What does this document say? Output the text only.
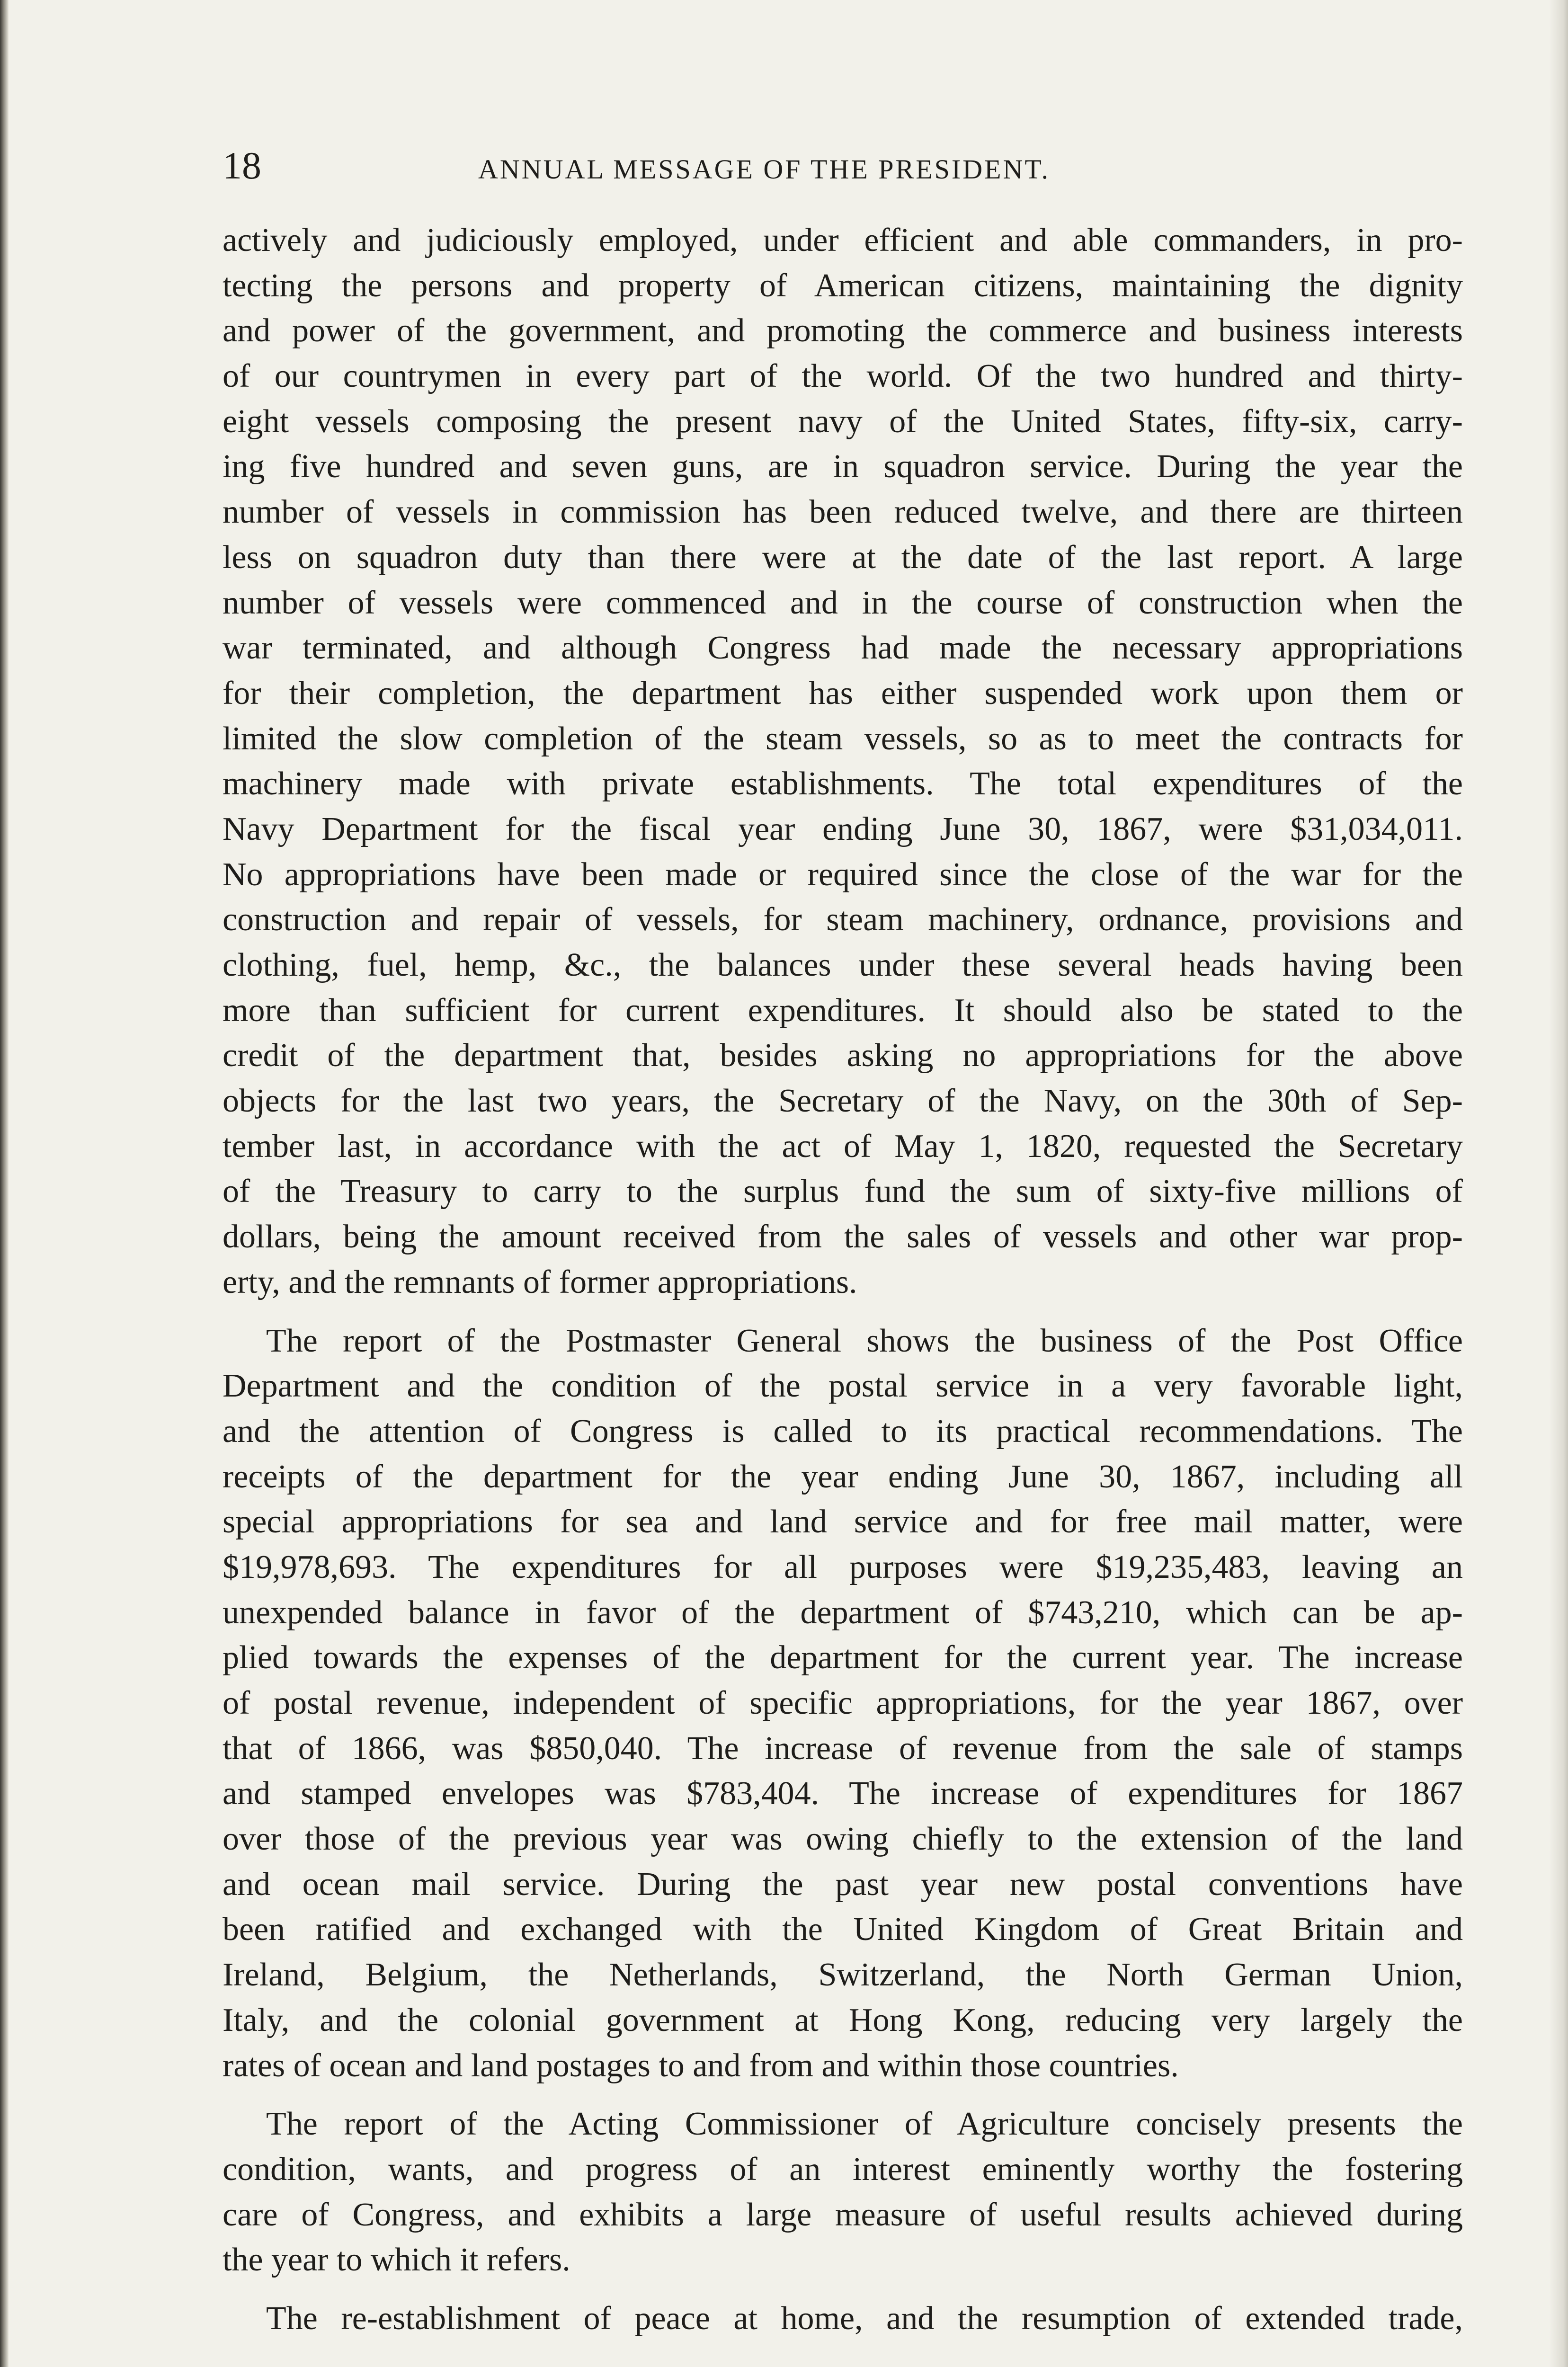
18	ANNUAL MESSAGE OF THE PRESIDENT.
actively and judiciously employed, under efficient and able commanders, in pro-
tecting the persons and property of American citizens, maintaining the dignity
and power of the government, and promoting the commerce and business interests
of our countrymen in every part of the world. Of the two hundred and thirty-
eight vessels composing the present navy of the United States, fifty-six, carry-
ing five hundred and seven guns, are in squadron service. During the year the
number of vessels in commission has been reduced twelve, and there are thirteen
less on squadron duty than there were at the date of the last report. A large
number of vessels were commenced and in the course of construction when the
war terminated, and although Congress had made the necessary appropriations
for their completion, the department has either suspended work upon them or
limited the slow completion of the steam vessels, so as to meet the contracts for
machinery made with private establishments. The total expenditures of the
Navy Department for the fiscal year ending June 30, 1867, were $31,034,011.
No appropriations have been made or required since the close of the war for the
construction and repair of vessels, for steam machinery, ordnance, provisions and
clothing, fuel, hemp, &c., the balances under these several heads having been
more than sufficient for current expenditures. It should also be stated to the
credit of the department that, besides asking no appropriations for the above
objects for the last two years, the Secretary of the Navy, on the 30th of Sep-
tember last, in accordance with the act of May 1, 1820, requested the Secretary
of the Treasury to carry to the surplus fund the sum of sixty-five millions of
dollars, being the amount received from the sales of vessels and other war prop-
erty, and the remnants of former appropriations.
The report of the Postmaster General shows the business of the Post Office
Department and the condition of the postal service in a very favorable light,
and the attention of Congress is called to its practical recommendations. The
receipts of the department for the year ending June 30, 1867, including all
special appropriations for sea and land service and for free mail matter, were
$19,978,693. The expenditures for all purposes were $19,235,483, leaving an
unexpended balance in favor of the department of $743,210, which can be ap-
plied towards the expenses of the department for the current year. The increase
of postal revenue, independent of specific appropriations, for the year 1867, over
that of 1866, was $850,040. The increase of revenue from the sale of stamps
and stamped envelopes was $783,404. The increase of expenditures for 1867
over those of the previous year was owing chiefly to the extension of the land
and ocean mail service. During the past year new postal conventions have
been ratified and exchanged with the United Kingdom of Great Britain and
Ireland, Belgium, the Netherlands, Switzerland, the North German Union,
Italy, and the colonial government at Hong Kong, reducing very largely the
rates of ocean and land postages to and from and within those countries.
The report of the Acting Commissioner of Agriculture concisely presents the
condition, wants, and progress of an interest eminently worthy the fostering
care of Congress, and exhibits a large measure of useful results achieved during
the year to which it refers.
The re-establishment of peace at home, and the resumption of extended trade,
